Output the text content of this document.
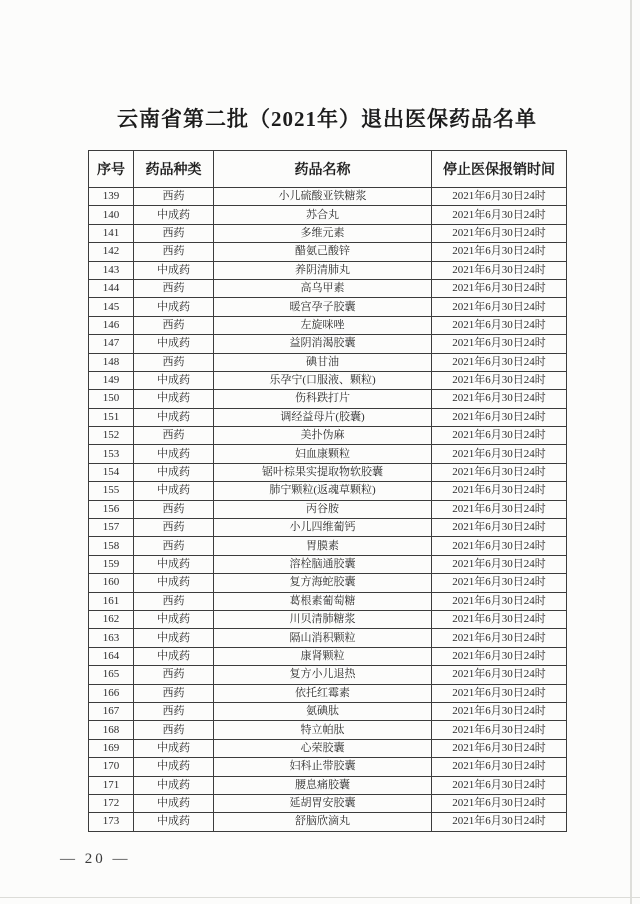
云南省第二批（2021年）退出医保药品名单
序号	药品种类	药品名称	停止医保报销时间
139	西药	小儿硫酸亚铁糖浆	2021年6月30日24时
140	中成药	苏合丸	2021年6月30日24时
141	西药	多维元素	2021年6月30日24时
142	西药	醋氨己酸锌	2021年6月30日24时
143	中成药	养阴清肺丸	2021年6月30日24时
144	西药	高乌甲素	2021年6月30日24时
145	中成药	暖宫孕子胶囊	2021年6月30日24时
146	西药	左旋咪唑	2021年6月30日24时
147	中成药	益阴消渴胶囊	2021年6月30日24时
148	西药	碘甘油	2021年6月30日24时
149	中成药	乐孕宁(口服液、颗粒)	2021年6月30日24时
150	中成药	伤科跌打片	2021年6月30日24时
151	中成药	调经益母片(胶囊)	2021年6月30日24时
152	西药	美扑伪麻	2021年6月30日24时
153	中成药	妇血康颗粒	2021年6月30日24时
154	中成药	锯叶棕果实提取物软胶囊	2021年6月30日24时
155	中成药	肺宁颗粒(返魂草颗粒)	2021年6月30日24时
156	西药	丙谷胺	2021年6月30日24时
157	西药	小儿四维葡钙	2021年6月30日24时
158	西药	胃膜素	2021年6月30日24时
159	中成药	溶栓脑通胶囊	2021年6月30日24时
160	中成药	复方海蛇胶囊	2021年6月30日24时
161	西药	葛根素葡萄糖	2021年6月30日24时
162	中成药	川贝清肺糖浆	2021年6月30日24时
163	中成药	隔山消积颗粒	2021年6月30日24时
164	中成药	康肾颗粒	2021年6月30日24时
165	西药	复方小儿退热	2021年6月30日24时
166	西药	依托红霉素	2021年6月30日24时
167	西药	氨碘肽	2021年6月30日24时
168	西药	特立帕肽	2021年6月30日24时
169	中成药	心荣胶囊	2021年6月30日24时
170	中成药	妇科止带胶囊	2021年6月30日24时
171	中成药	腰息痛胶囊	2021年6月30日24时
172	中成药	延胡胃安胶囊	2021年6月30日24时
173	中成药	舒脑欣滴丸	2021年6月30日24时
— 20 —
